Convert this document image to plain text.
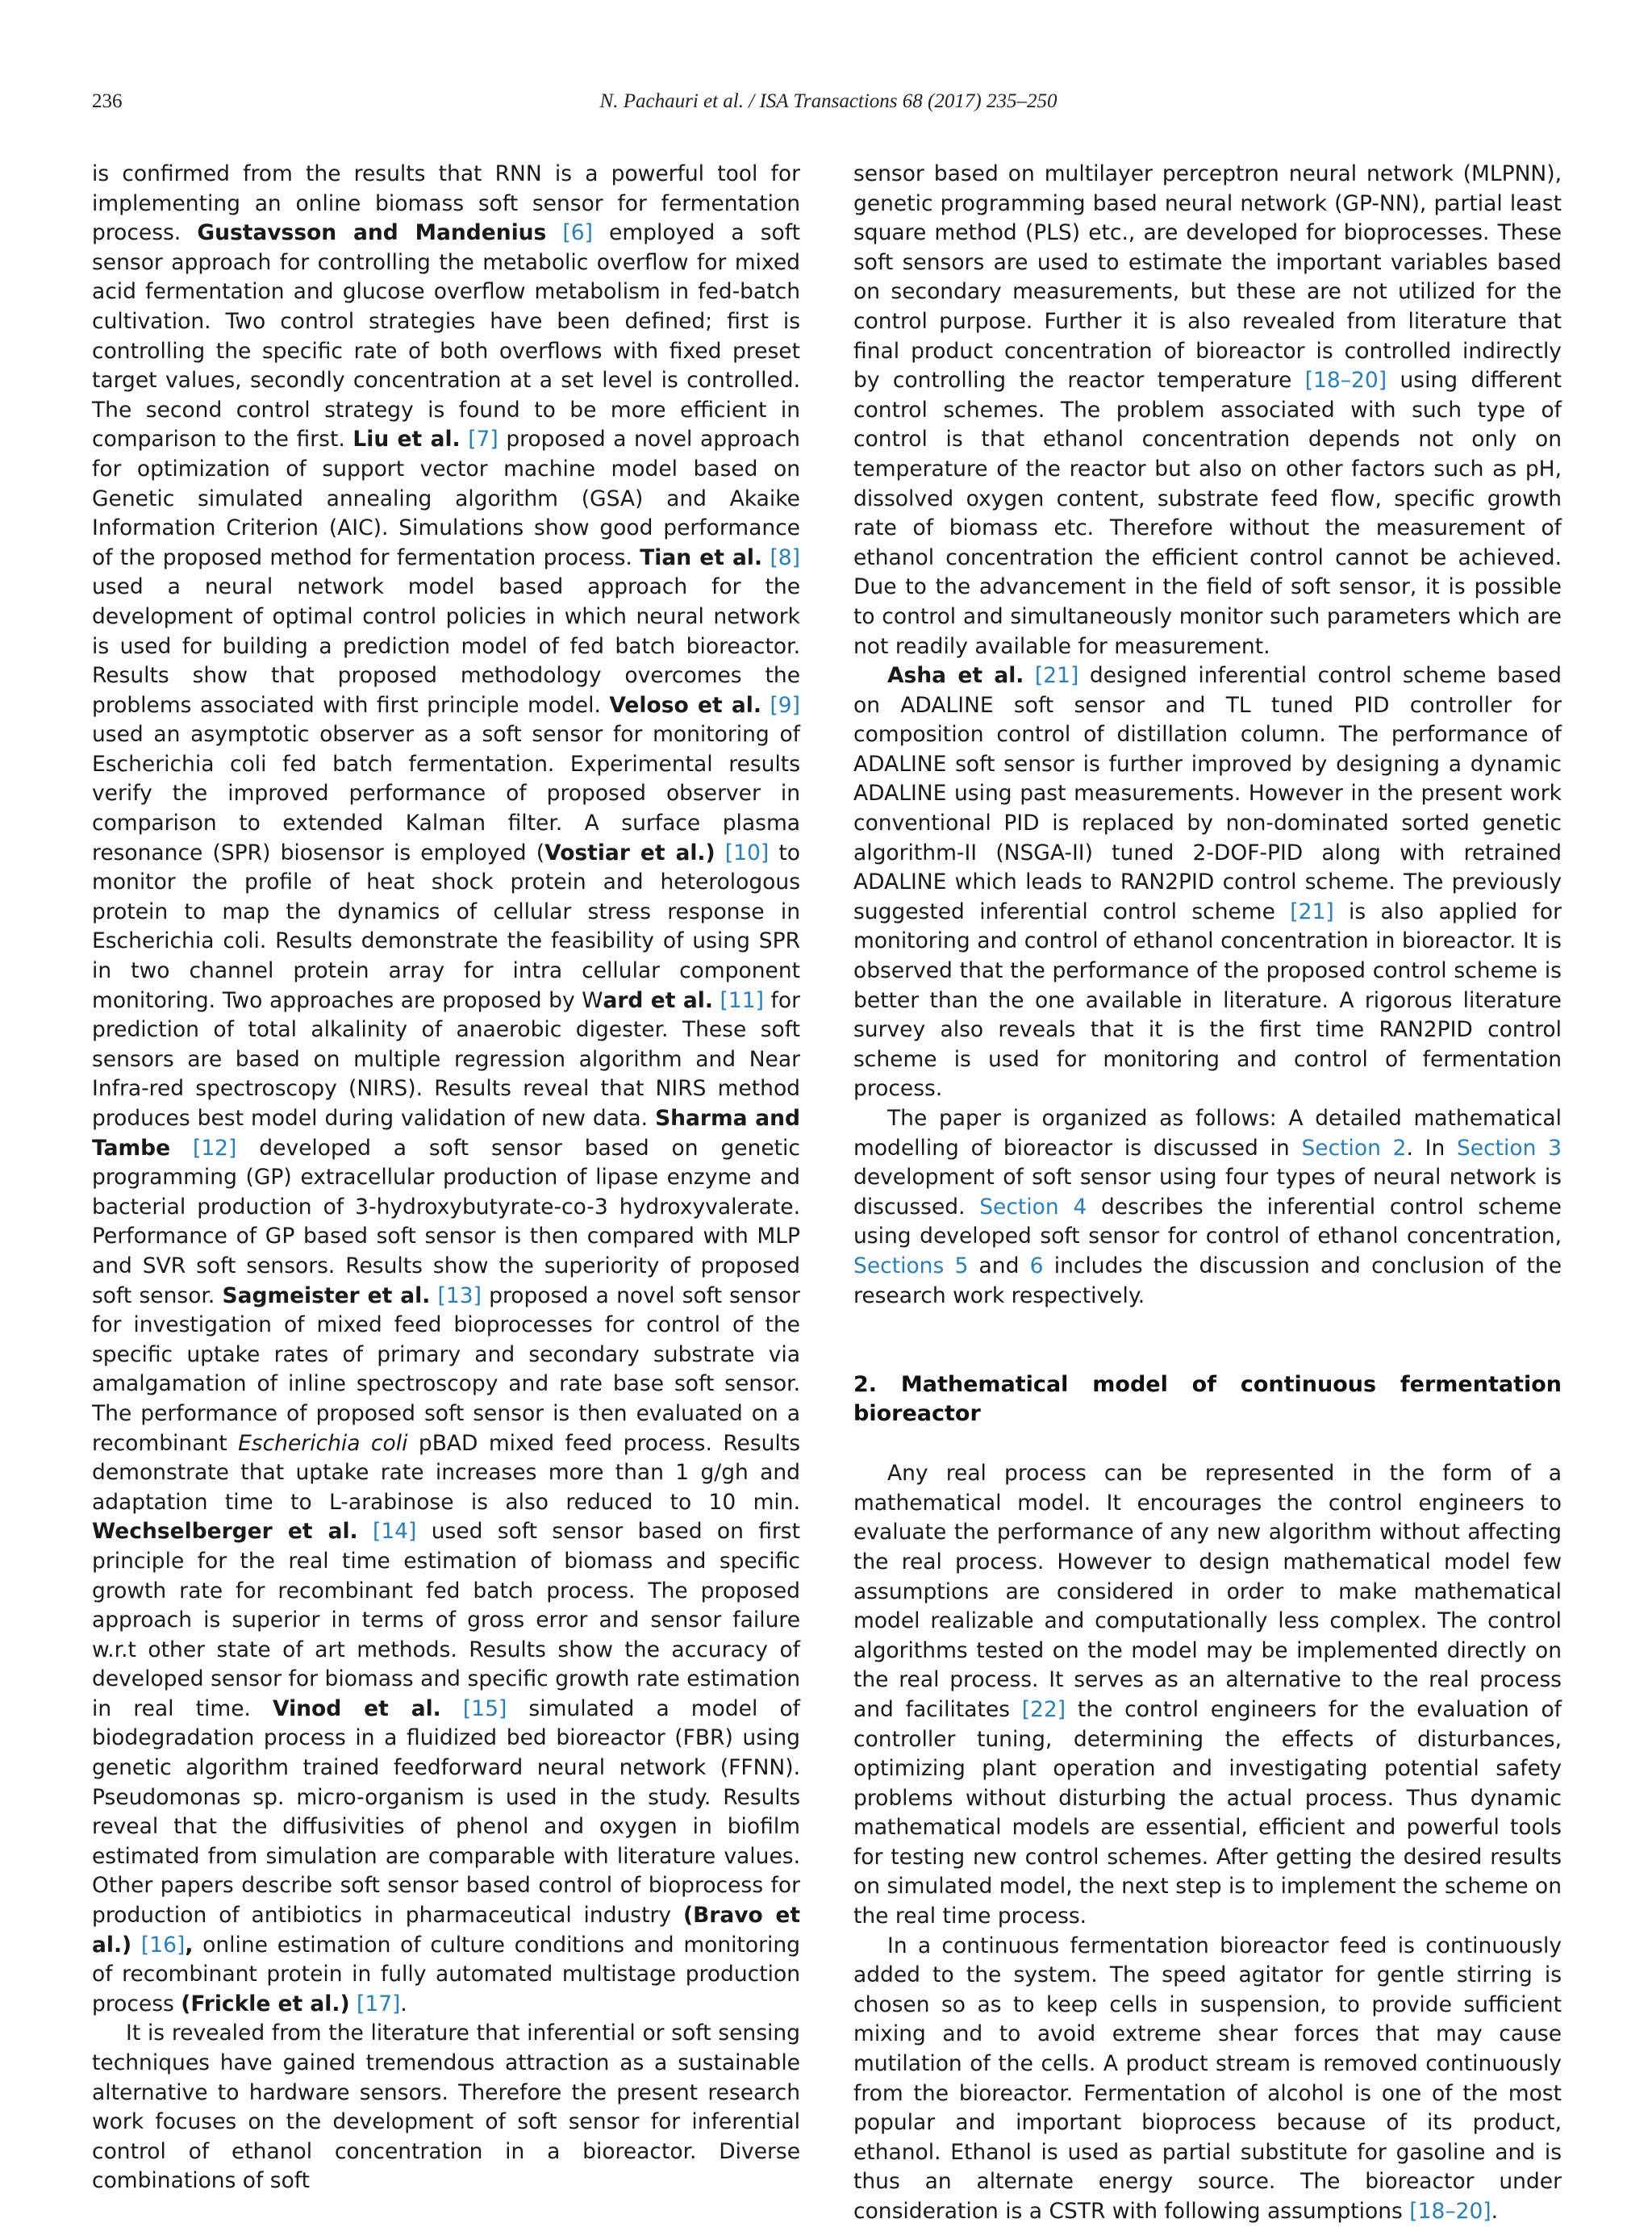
236	N. Pachauri et al. / ISA Transactions 68 (2017) 235–250

is confirmed from the results that RNN is a powerful tool for implementing an online biomass soft sensor for fermentation process. Gustavsson and Mandenius [6] employed a soft sensor approach for controlling the metabolic overflow for mixed acid fermentation and glucose overflow metabolism in fed-batch cultivation. Two control strategies have been defined; first is controlling the specific rate of both overflows with fixed preset target values, secondly concentration at a set level is controlled. The second control strategy is found to be more efficient in comparison to the first. Liu et al. [7] proposed a novel approach for optimization of support vector machine model based on Genetic simulated annealing algorithm (GSA) and Akaike Information Criterion (AIC). Simulations show good performance of the proposed method for fermentation process. Tian et al. [8] used a neural network model based approach for the development of optimal control policies in which neural network is used for building a prediction model of fed batch bioreactor. Results show that proposed methodology overcomes the problems associated with first principle model. Veloso et al. [9] used an asymptotic observer as a soft sensor for monitoring of Escherichia coli fed batch fermentation. Experimental results verify the improved performance of proposed observer in comparison to extended Kalman filter. A surface plasma resonance (SPR) biosensor is employed (Vostiar et al.) [10] to monitor the profile of heat shock protein and heterologous protein to map the dynamics of cellular stress response in Escherichia coli. Results demonstrate the feasibility of using SPR in two channel protein array for intra cellular component monitoring. Two approaches are proposed by Ward et al. [11] for prediction of total alkalinity of anaerobic digester. These soft sensors are based on multiple regression algorithm and Near Infra-red spectroscopy (NIRS). Results reveal that NIRS method produces best model during validation of new data. Sharma and Tambe [12] developed a soft sensor based on genetic programming (GP) extracellular production of lipase enzyme and bacterial production of 3-hydroxybutyrate-co-3 hydroxyvalerate. Performance of GP based soft sensor is then compared with MLP and SVR soft sensors. Results show the superiority of proposed soft sensor. Sagmeister et al. [13] proposed a novel soft sensor for investigation of mixed feed bioprocesses for control of the specific uptake rates of primary and secondary substrate via amalgamation of inline spectroscopy and rate base soft sensor. The performance of proposed soft sensor is then evaluated on a recombinant Escherichia coli pBAD mixed feed process. Results demonstrate that uptake rate increases more than 1 g/gh and adaptation time to L-arabinose is also reduced to 10 min. Wechselberger et al. [14] used soft sensor based on first principle for the real time estimation of biomass and specific growth rate for recombinant fed batch process. The proposed approach is superior in terms of gross error and sensor failure w.r.t other state of art methods. Results show the accuracy of developed sensor for biomass and specific growth rate estimation in real time. Vinod et al. [15] simulated a model of biodegradation process in a fluidized bed bioreactor (FBR) using genetic algorithm trained feedforward neural network (FFNN). Pseudomonas sp. micro-organism is used in the study. Results reveal that the diffusivities of phenol and oxygen in biofilm estimated from simulation are comparable with literature values. Other papers describe soft sensor based control of bioprocess for production of antibiotics in pharmaceutical industry (Bravo et al.) [16], online estimation of culture conditions and monitoring of recombinant protein in fully automated multistage production process (Frickle et al.) [17].

It is revealed from the literature that inferential or soft sensing techniques have gained tremendous attraction as a sustainable alternative to hardware sensors. Therefore the present research work focuses on the development of soft sensor for inferential control of ethanol concentration in a bioreactor. Diverse combinations of soft

sensor based on multilayer perceptron neural network (MLPNN), genetic programming based neural network (GP-NN), partial least square method (PLS) etc., are developed for bioprocesses. These soft sensors are used to estimate the important variables based on secondary measurements, but these are not utilized for the control purpose. Further it is also revealed from literature that final product concentration of bioreactor is controlled indirectly by controlling the reactor temperature [18–20] using different control schemes. The problem associated with such type of control is that ethanol concentration depends not only on temperature of the reactor but also on other factors such as pH, dissolved oxygen content, substrate feed flow, specific growth rate of biomass etc. Therefore without the measurement of ethanol concentration the efficient control cannot be achieved. Due to the advancement in the field of soft sensor, it is possible to control and simultaneously monitor such parameters which are not readily available for measurement.

Asha et al. [21] designed inferential control scheme based on ADALINE soft sensor and TL tuned PID controller for composition control of distillation column. The performance of ADALINE soft sensor is further improved by designing a dynamic ADALINE using past measurements. However in the present work conventional PID is replaced by non-dominated sorted genetic algorithm-II (NSGA-II) tuned 2-DOF-PID along with retrained ADALINE which leads to RAN2PID control scheme. The previously suggested inferential control scheme [21] is also applied for monitoring and control of ethanol concentration in bioreactor. It is observed that the performance of the proposed control scheme is better than the one available in literature. A rigorous literature survey also reveals that it is the first time RAN2PID control scheme is used for monitoring and control of fermentation process.

The paper is organized as follows: A detailed mathematical modelling of bioreactor is discussed in Section 2. In Section 3 development of soft sensor using four types of neural network is discussed. Section 4 describes the inferential control scheme using developed soft sensor for control of ethanol concentration, Sections 5 and 6 includes the discussion and conclusion of the research work respectively.

2. Mathematical model of continuous fermentation bioreactor

Any real process can be represented in the form of a mathematical model. It encourages the control engineers to evaluate the performance of any new algorithm without affecting the real process. However to design mathematical model few assumptions are considered in order to make mathematical model realizable and computationally less complex. The control algorithms tested on the model may be implemented directly on the real process. It serves as an alternative to the real process and facilitates [22] the control engineers for the evaluation of controller tuning, determining the effects of disturbances, optimizing plant operation and investigating potential safety problems without disturbing the actual process. Thus dynamic mathematical models are essential, efficient and powerful tools for testing new control schemes. After getting the desired results on simulated model, the next step is to implement the scheme on the real time process.

In a continuous fermentation bioreactor feed is continuously added to the system. The speed agitator for gentle stirring is chosen so as to keep cells in suspension, to provide sufficient mixing and to avoid extreme shear forces that may cause mutilation of the cells. A product stream is removed continuously from the bioreactor. Fermentation of alcohol is one of the most popular and important bioprocess because of its product, ethanol. Ethanol is used as partial substitute for gasoline and is thus an alternate energy source. The bioreactor under consideration is a CSTR with following assumptions [18–20].
